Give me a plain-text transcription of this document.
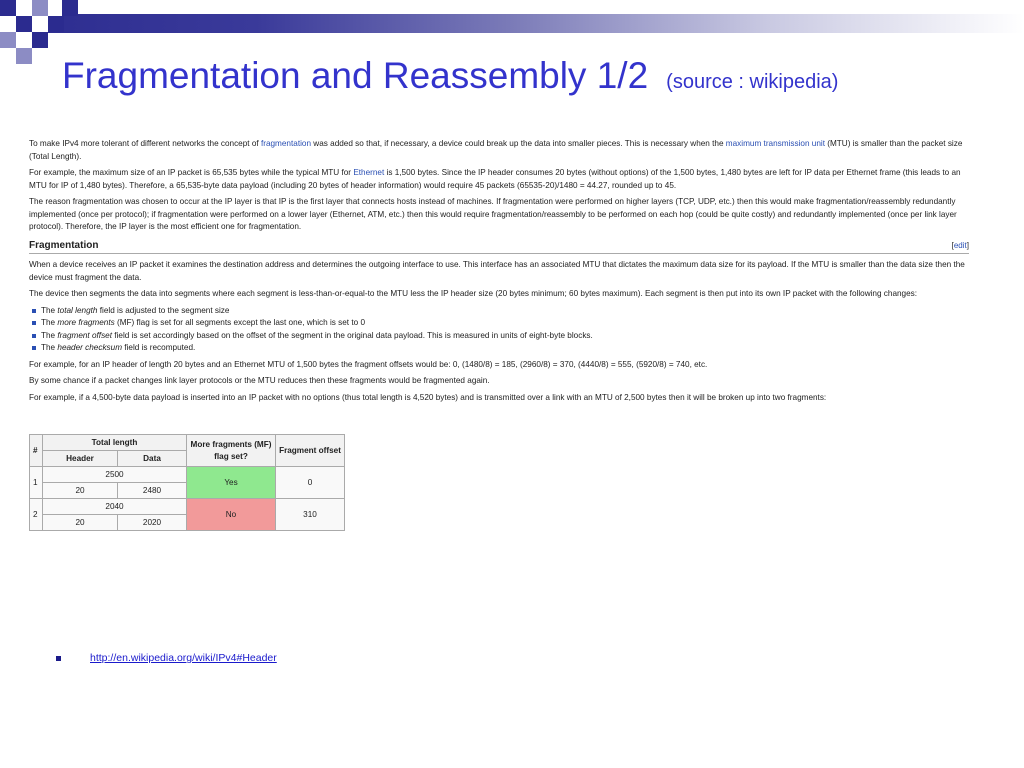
Fragmentation and Reassembly 1/2 (source : wikipedia)

To make IPv4 more tolerant of different networks the concept of fragmentation was added so that, if necessary, a device could break up the data into smaller pieces. This is necessary when the maximum transmission unit (MTU) is smaller than the packet size (Total Length).

For example, the maximum size of an IP packet is 65,535 bytes while the typical MTU for Ethernet is 1,500 bytes. Since the IP header consumes 20 bytes (without options) of the 1,500 bytes, 1,480 bytes are left for IP data per Ethernet frame (this leads to an MTU for IP of 1,480 bytes). Therefore, a 65,535-byte data payload (including 20 bytes of header information) would require 45 packets (65535-20)/1480 = 44.27, rounded up to 45.

The reason fragmentation was chosen to occur at the IP layer is that IP is the first layer that connects hosts instead of machines. If fragmentation were performed on higher layers (TCP, UDP, etc.) then this would make fragmentation/reassembly redundantly implemented (once per protocol); if fragmentation were performed on a lower layer (Ethernet, ATM, etc.) then this would require fragmentation/reassembly to be performed on each hop (could be quite costly) and redundantly implemented (once per link layer protocol). Therefore, the IP layer is the most efficient one for fragmentation.

Fragmentation	[edit]

When a device receives an IP packet it examines the destination address and determines the outgoing interface to use. This interface has an associated MTU that dictates the maximum data size for its payload. If the MTU is smaller than the data size then the device must fragment the data.

The device then segments the data into segments where each segment is less-than-or-equal-to the MTU less the IP header size (20 bytes minimum; 60 bytes maximum). Each segment is then put into its own IP packet with the following changes:

The total length field is adjusted to the segment size
The more fragments (MF) flag is set for all segments except the last one, which is set to 0
The fragment offset field is set accordingly based on the offset of the segment in the original data payload. This is measured in units of eight-byte blocks.
The header checksum field is recomputed.

For example, for an IP header of length 20 bytes and an Ethernet MTU of 1,500 bytes the fragment offsets would be: 0, (1480/8) = 185, (2960/8) = 370, (4440/8) = 555, (5920/8) = 740, etc.

By some chance if a packet changes link layer protocols or the MTU reduces then these fragments would be fragmented again.

For example, if a 4,500-byte data payload is inserted into an IP packet with no options (thus total length is 4,520 bytes) and is transmitted over a link with an MTU of 2,500 bytes then it will be broken up into two fragments:

#	Total length		More fragments (MF) flag set?	Fragment offset
	Header	Data		
1	2500		Yes	0
	20	2480		
2	2040		No	310
	20	2020		
http://en.wikipedia.org/wiki/IPv4#Header
